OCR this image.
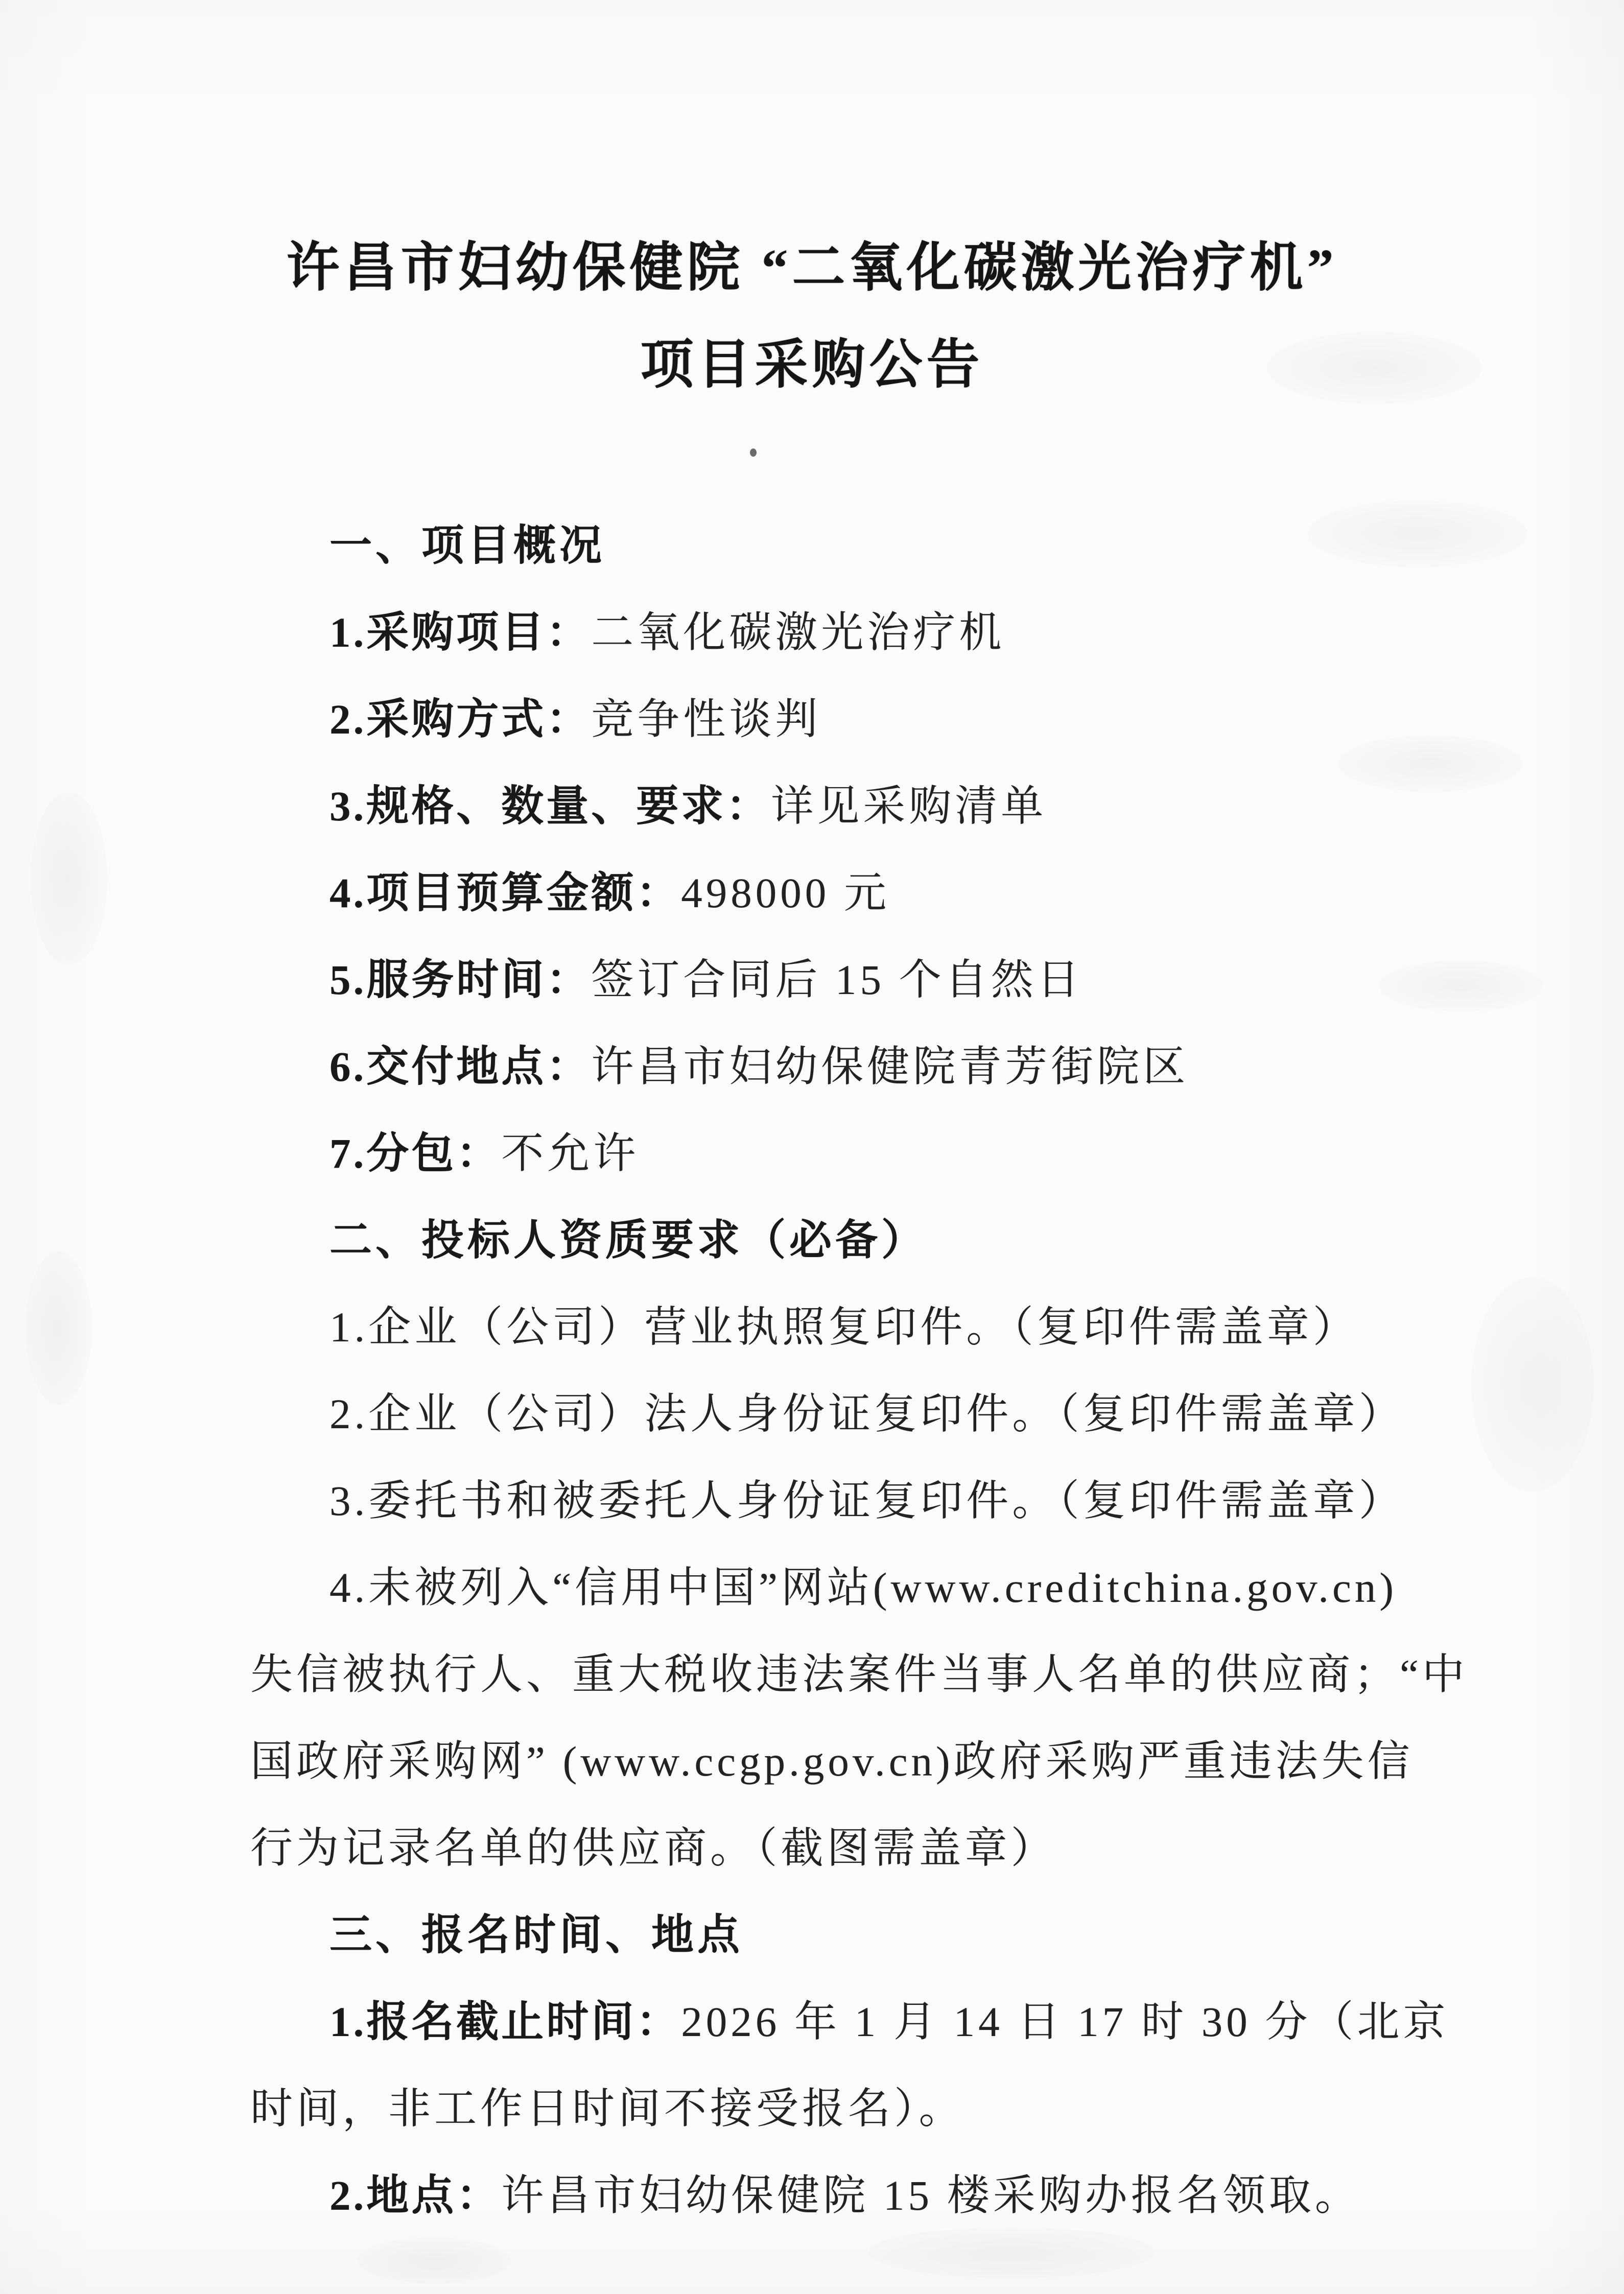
许昌市妇幼保健院 “二氧化碳激光治疗机”
项目采购公告

一、项目概况

1.采购项目：二氧化碳激光治疗机

2.采购方式：竞争性谈判

3.规格、数量、要求：详见采购清单

4.项目预算金额：498000 元

5.服务时间：签订合同后 15 个自然日

6.交付地点：许昌市妇幼保健院青芳街院区

7.分包：不允许

二、投标人资质要求（必备）

1.企业（公司）营业执照复印件。（复印件需盖章）

2.企业（公司）法人身份证复印件。（复印件需盖章）

3.委托书和被委托人身份证复印件。（复印件需盖章）

4.未被列入“信用中国”网站(www.creditchina.gov.cn)

失信被执行人、重大税收违法案件当事人名单的供应商；“中

国政府采购网” (www.ccgp.gov.cn)政府采购严重违法失信

行为记录名单的供应商。（截图需盖章）

三、报名时间、地点

1.报名截止时间：2026 年 1 月 14 日 17 时 30 分（北京

时间，非工作日时间不接受报名）。

2.地点：许昌市妇幼保健院 15 楼采购办报名领取。
